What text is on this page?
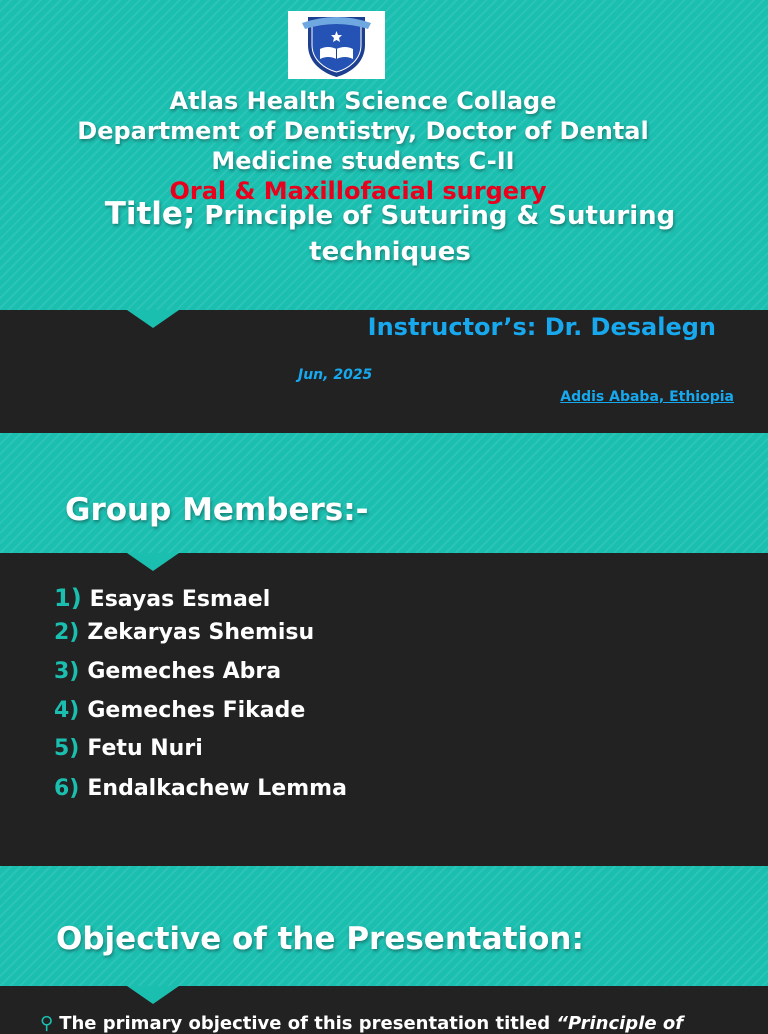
Atlas Health Science Collage
Department of Dentistry, Doctor of Dental
Medicine students C-II
Oral & Maxillofacial surgery
Title; Principle of Suturing & Suturing
techniques
Instructor’s: Dr. Desalegn
Jun, 2025
Addis Ababa, Ethiopia
Group Members:-
1) Esayas Esmael
2) Zekaryas Shemisu
3) Gemeches Abra
4) Gemeches Fikade
5) Fetu Nuri
6) Endalkachew Lemma
Objective of the Presentation:
⚲ The primary objective of this presentation titled “Principle of
